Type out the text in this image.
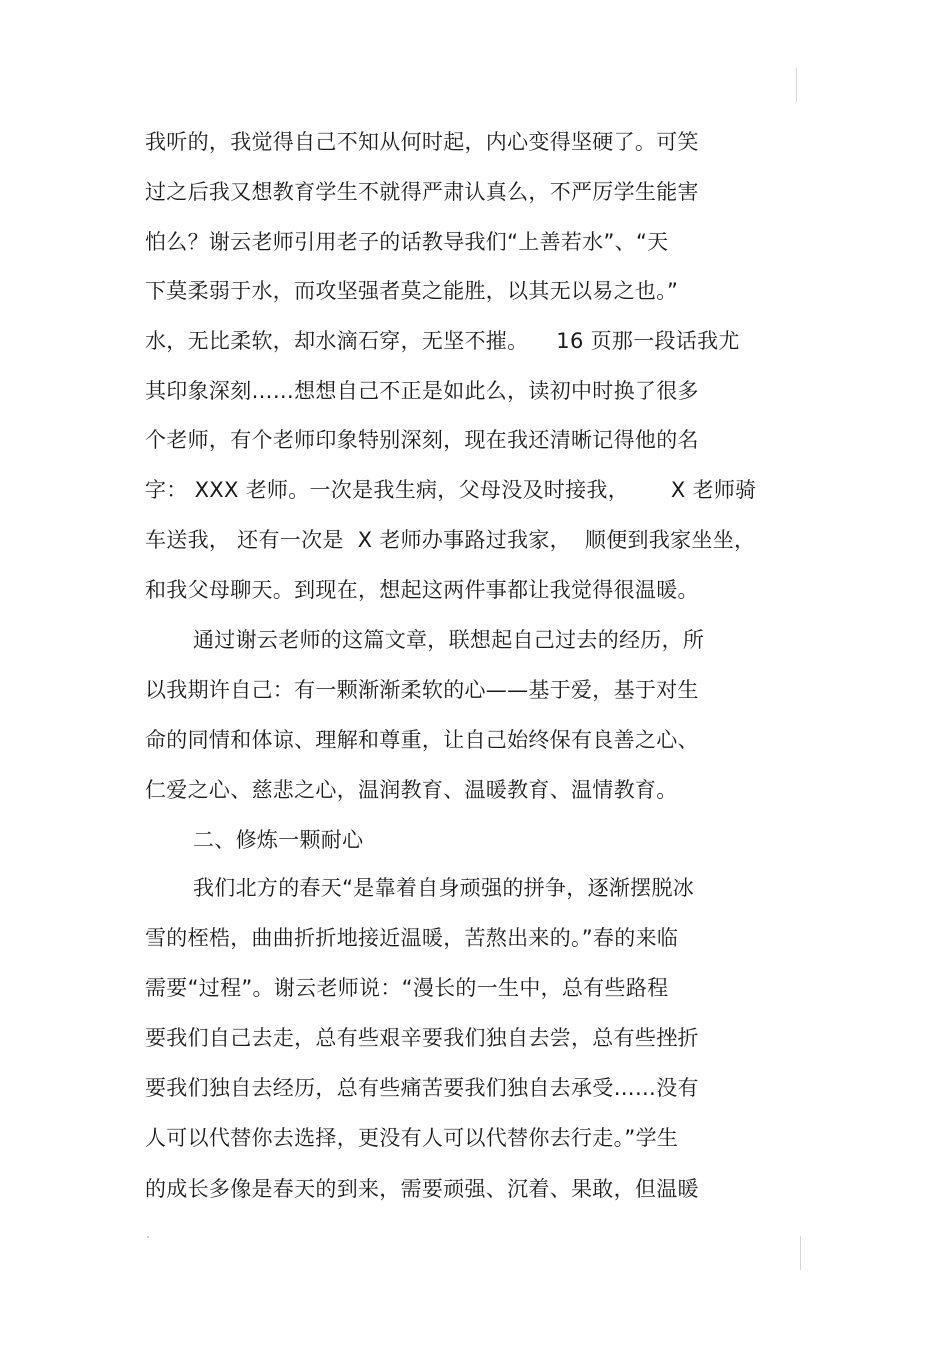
我听的，我觉得自己不知从何时起，内心变得坚硬了。可笑
过之后我又想教育学生不就得严肃认真么，不严厉学生能害
怕么？谢云老师引用老子的话教导我们“上善若水”、“天
下莫柔弱于水，而攻坚强者莫之能胜，以其无以易之也。”
水，无比柔软，却水滴石穿，无坚不摧。    16 页那一段话我尤
其印象深刻……想想自己不正是如此么，读初中时换了很多
个老师，有个老师印象特别深刻，现在我还清晰记得他的名
字： XXX 老师。一次是我生病，父母没及时接我，      X 老师骑
车送我， 还有一次是  X 老师办事路过我家，  顺便到我家坐坐，
和我父母聊天。到现在，想起这两件事都让我觉得很温暖。
通过谢云老师的这篇文章，联想起自己过去的经历，所
以我期许自己：有一颗渐渐柔软的心——基于爱，基于对生
命的同情和体谅、理解和尊重，让自己始终保有良善之心、
仁爱之心、慈悲之心，温润教育、温暖教育、温情教育。
二、修炼一颗耐心
我们北方的春天“是靠着自身顽强的拼争，逐渐摆脱冰
雪的桎梏，曲曲折折地接近温暖，苦熬出来的。”春的来临
需要“过程”。谢云老师说：“漫长的一生中，总有些路程
要我们自己去走，总有些艰辛要我们独自去尝，总有些挫折
要我们独自去经历，总有些痛苦要我们独自去承受……没有
人可以代替你去选择，更没有人可以代替你去行走。”学生
的成长多像是春天的到来，需要顽强、沉着、果敢，但温暖
